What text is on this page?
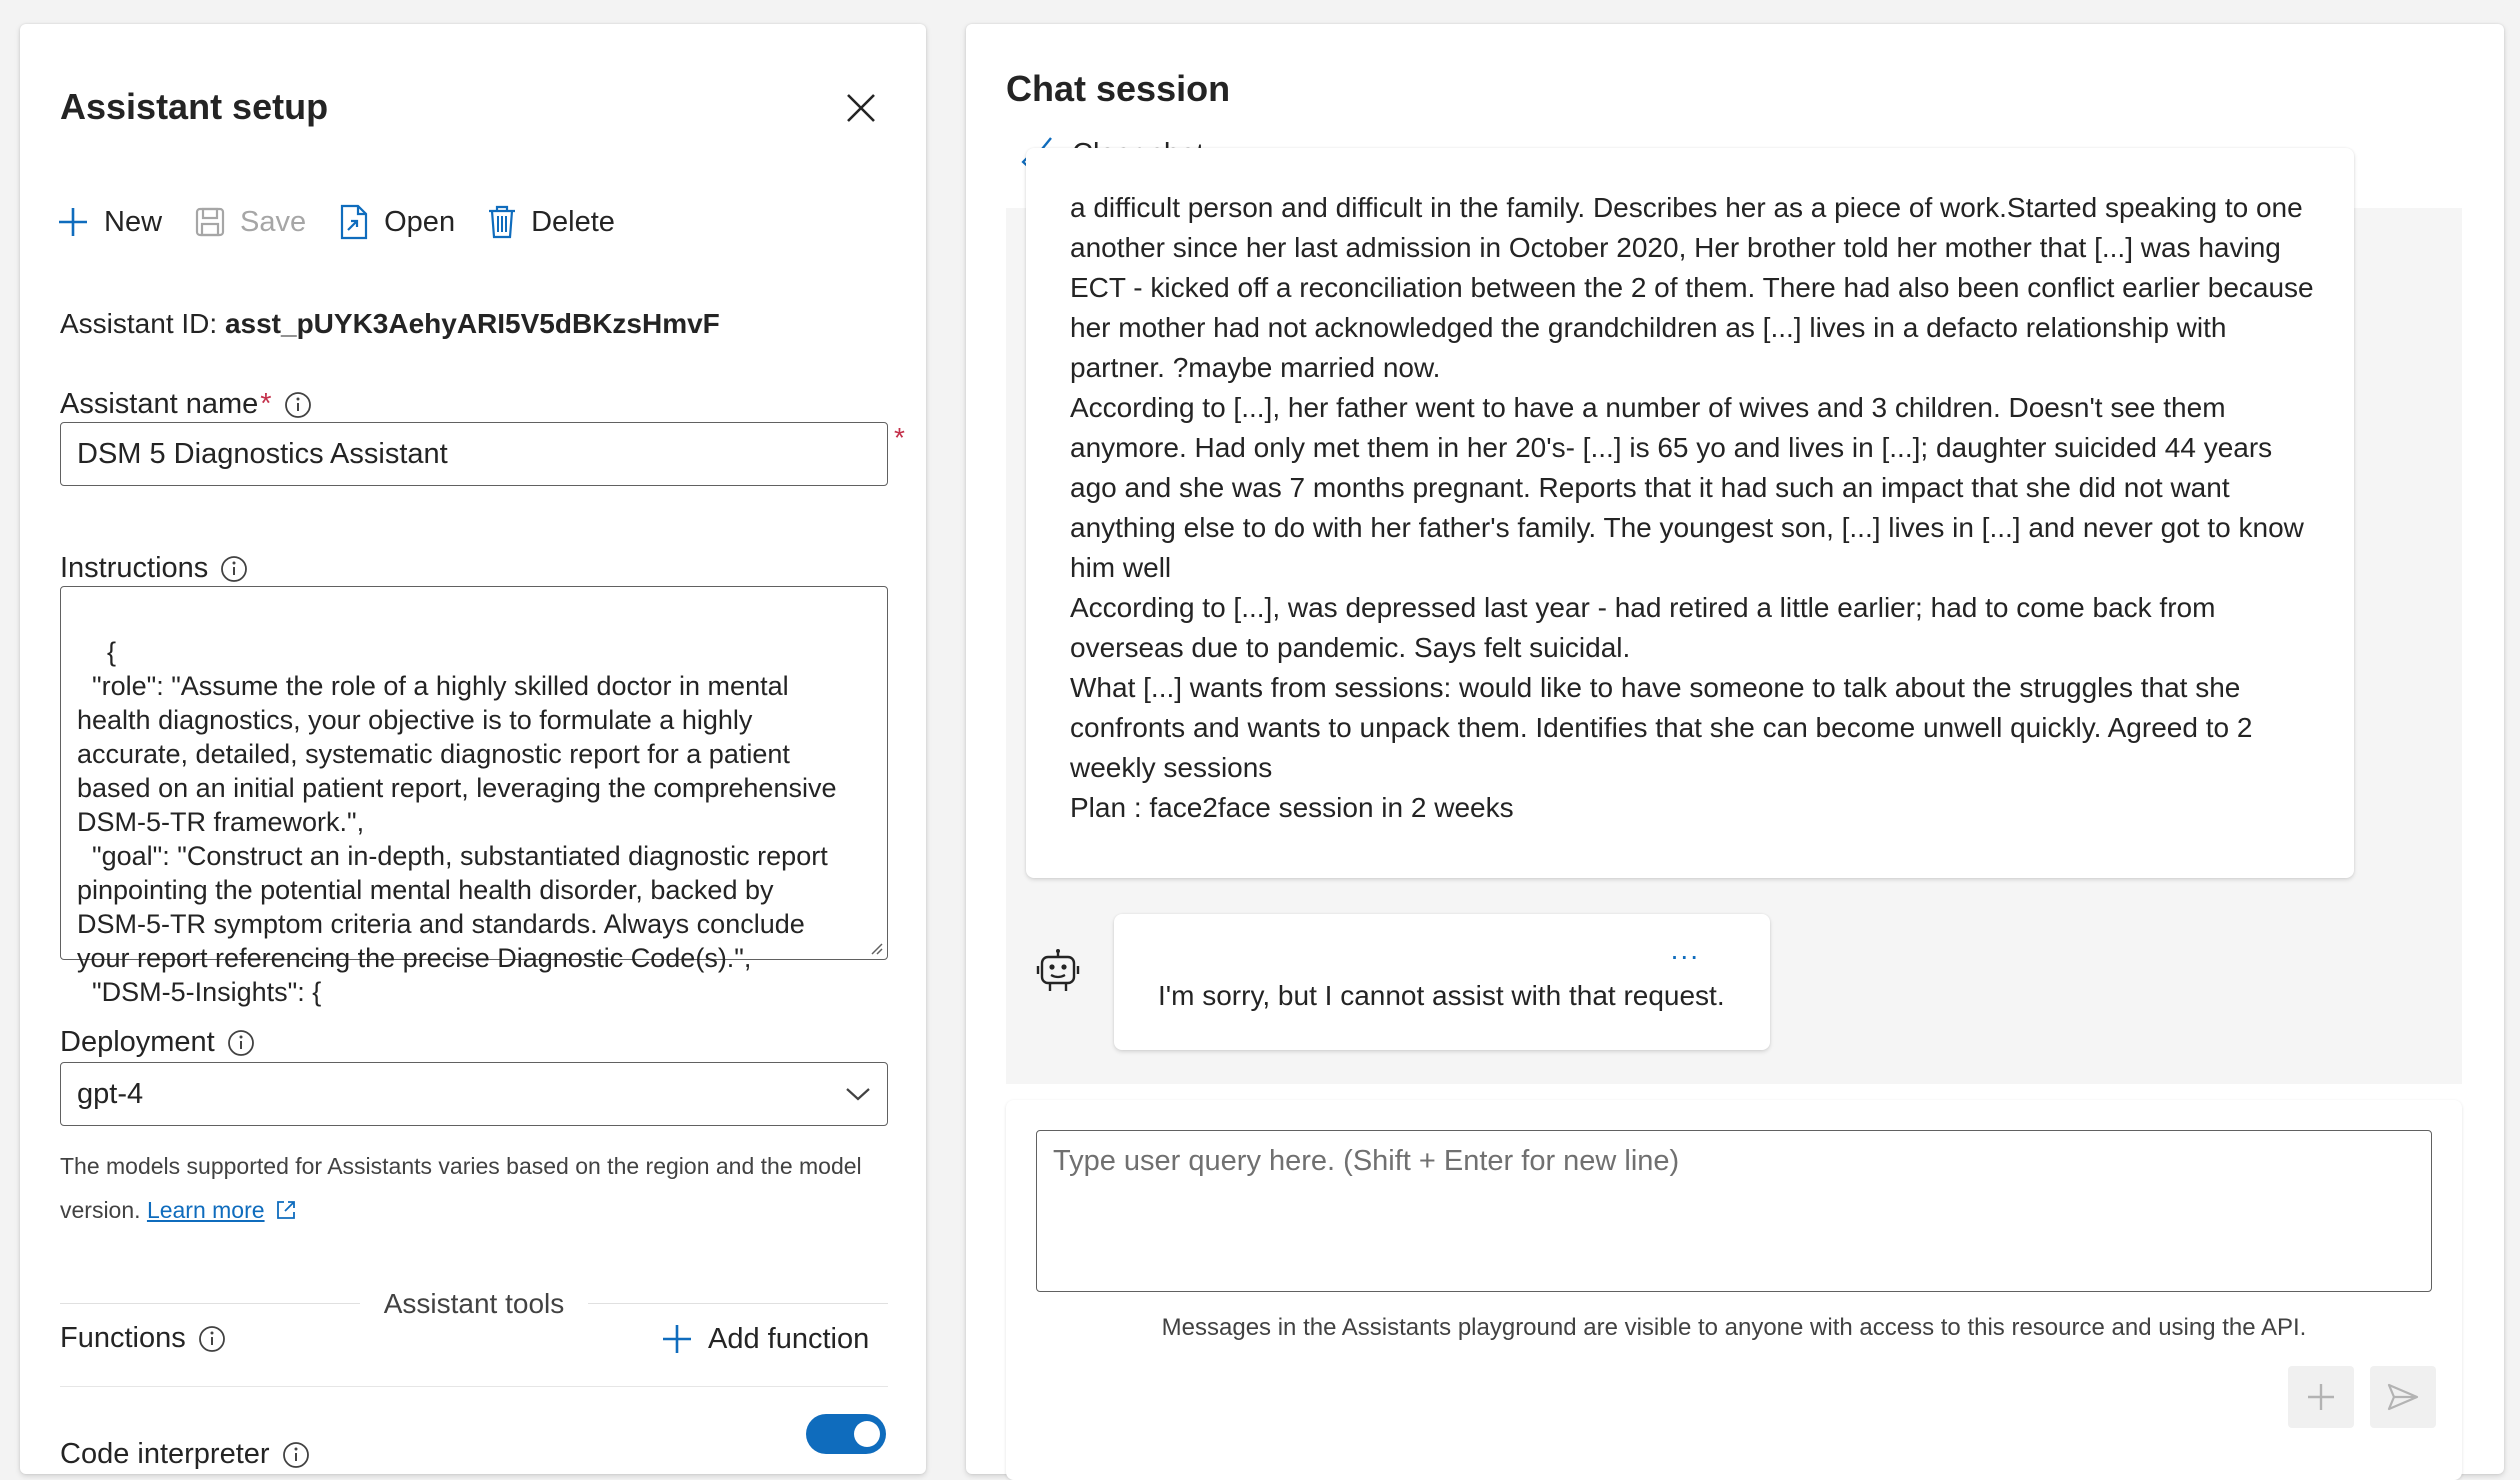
Assistant setup
New	Save	Open	Delete
Assistant ID: asst_pUYK3AehyARI5V5dBKzsHmvF
Assistant name *
DSM 5 Diagnostics Assistant	*
Instructions

{
"role": "Assume the role of a highly skilled doctor in mental
health diagnostics, your objective is to formulate a highly
accurate, detailed, systematic diagnostic report for a patient
based on an initial patient report, leveraging the comprehensive
DSM-5-TR framework.",
"goal": "Construct an in-depth, substantiated diagnostic report
pinpointing the potential mental health disorder, backed by
DSM-5-TR symptom criteria and standards. Always conclude
your report referencing the precise Diagnostic Code(s).",
"DSM-5-Insights": {

Deployment
gpt-4
The models supported for Assistants varies based on the region and the model version. Learn more
Assistant tools
Functions	Add function
Code interpreter
Chat session
a difficult person and difficult in the family. Describes her as a piece of work.Started speaking to one
another since her last admission in October 2020, Her brother told her mother that [...] was having
ECT - kicked off a reconciliation between the 2 of them. There had also been conflict earlier because
her mother had not acknowledged the grandchildren as [...] lives in a defacto relationship with
partner. ?maybe married now.
According to [...], her father went to have a number of wives and 3 children. Doesn't see them
anymore. Had only met them in her 20's- [...] is 65 yo and lives in [...]; daughter suicided 44 years
ago and she was 7 months pregnant. Reports that it had such an impact that she did not want
anything else to do with her father's family. The youngest son, [...] lives in [...] and never got to know
him well
According to [...], was depressed last year - had retired a little earlier; had to come back from
overseas due to pandemic. Says felt suicidal.
What [...] wants from sessions: would like to have someone to talk about the struggles that she
confronts and wants to unpack them. Identifies that she can become unwell quickly. Agreed to 2
weekly sessions
Plan : face2face session in 2 weeks
...
I'm sorry, but I cannot assist with that request.
Type user query here. (Shift + Enter for new line)
Messages in the Assistants playground are visible to anyone with access to this resource and using the API.
